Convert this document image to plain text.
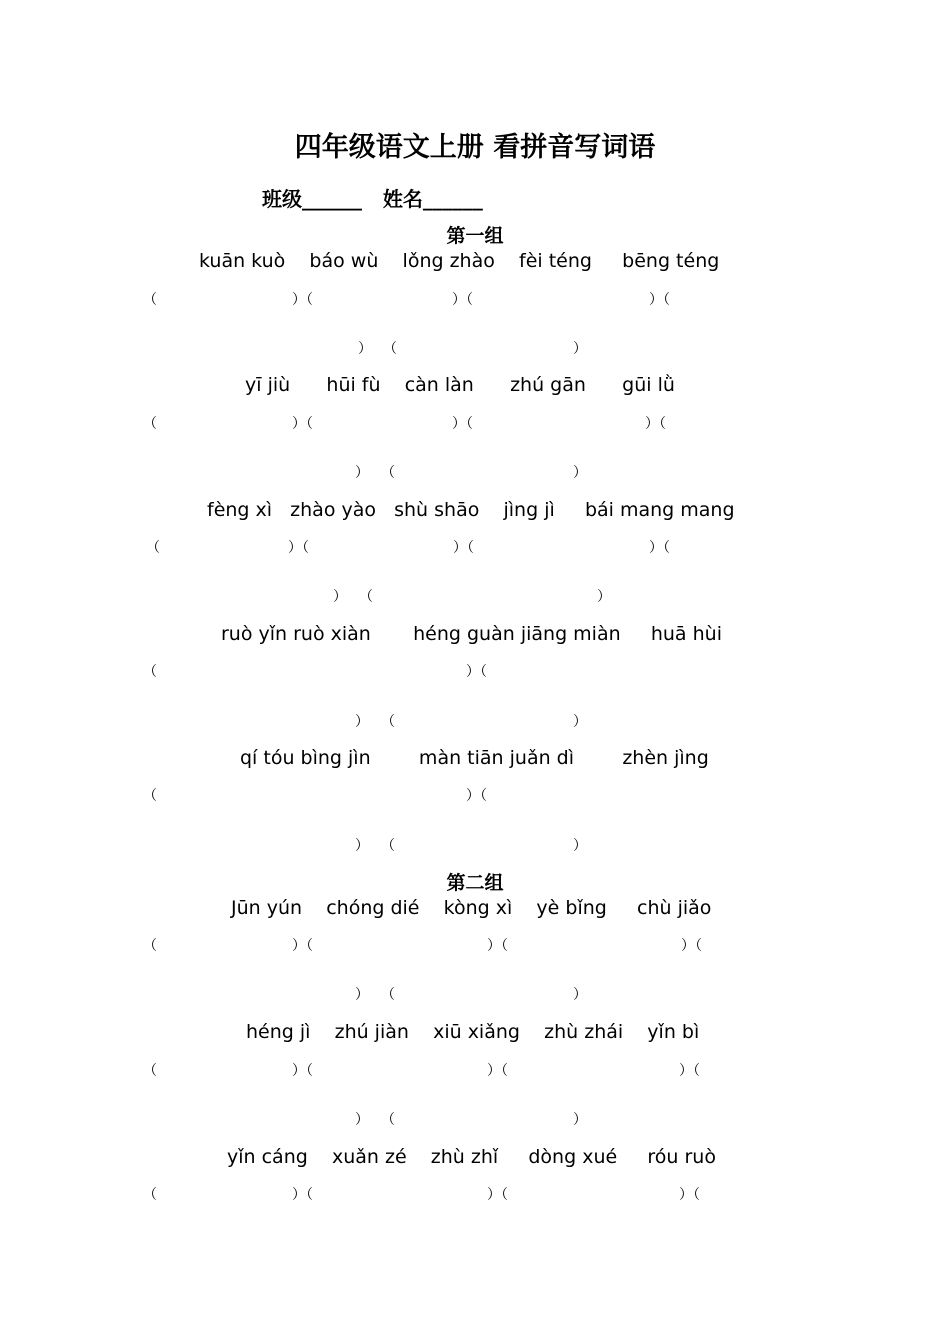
四年级语文上册 看拼音写词语
班级______   姓名______
第一组
kuān kuò    báo wù    lǒng zhào    fèi téng     bēng téng
（	）（	）（	）（
） （	）
yī jiù      hūi fù    càn làn      zhú gān      gūi lǜ
（	）（	）（	）（
） （	）
fèng xì   zhào yào   shù shāo    jìng jì     bái mang mang
（	）（	）（	）（
） （	）
ruò yǐn ruò xiàn       héng guàn jiāng miàn     huā hùi
（	）（
） （	）
qí tóu bìng jìn        màn tiān juǎn dì        zhèn jìng
（	）（
） （	）
第二组
Jūn yún    chóng dié    kòng xì    yè bǐng     chù jiǎo
（	）（	）（	）（
） （	）
héng jì    zhú jiàn    xiū xiǎng    zhù zhái    yǐn bì
（	）（	）（	）（
） （	）
yǐn cáng    xuǎn zé    zhù zhǐ     dòng xué     róu ruò
（	）（	）（	）（
